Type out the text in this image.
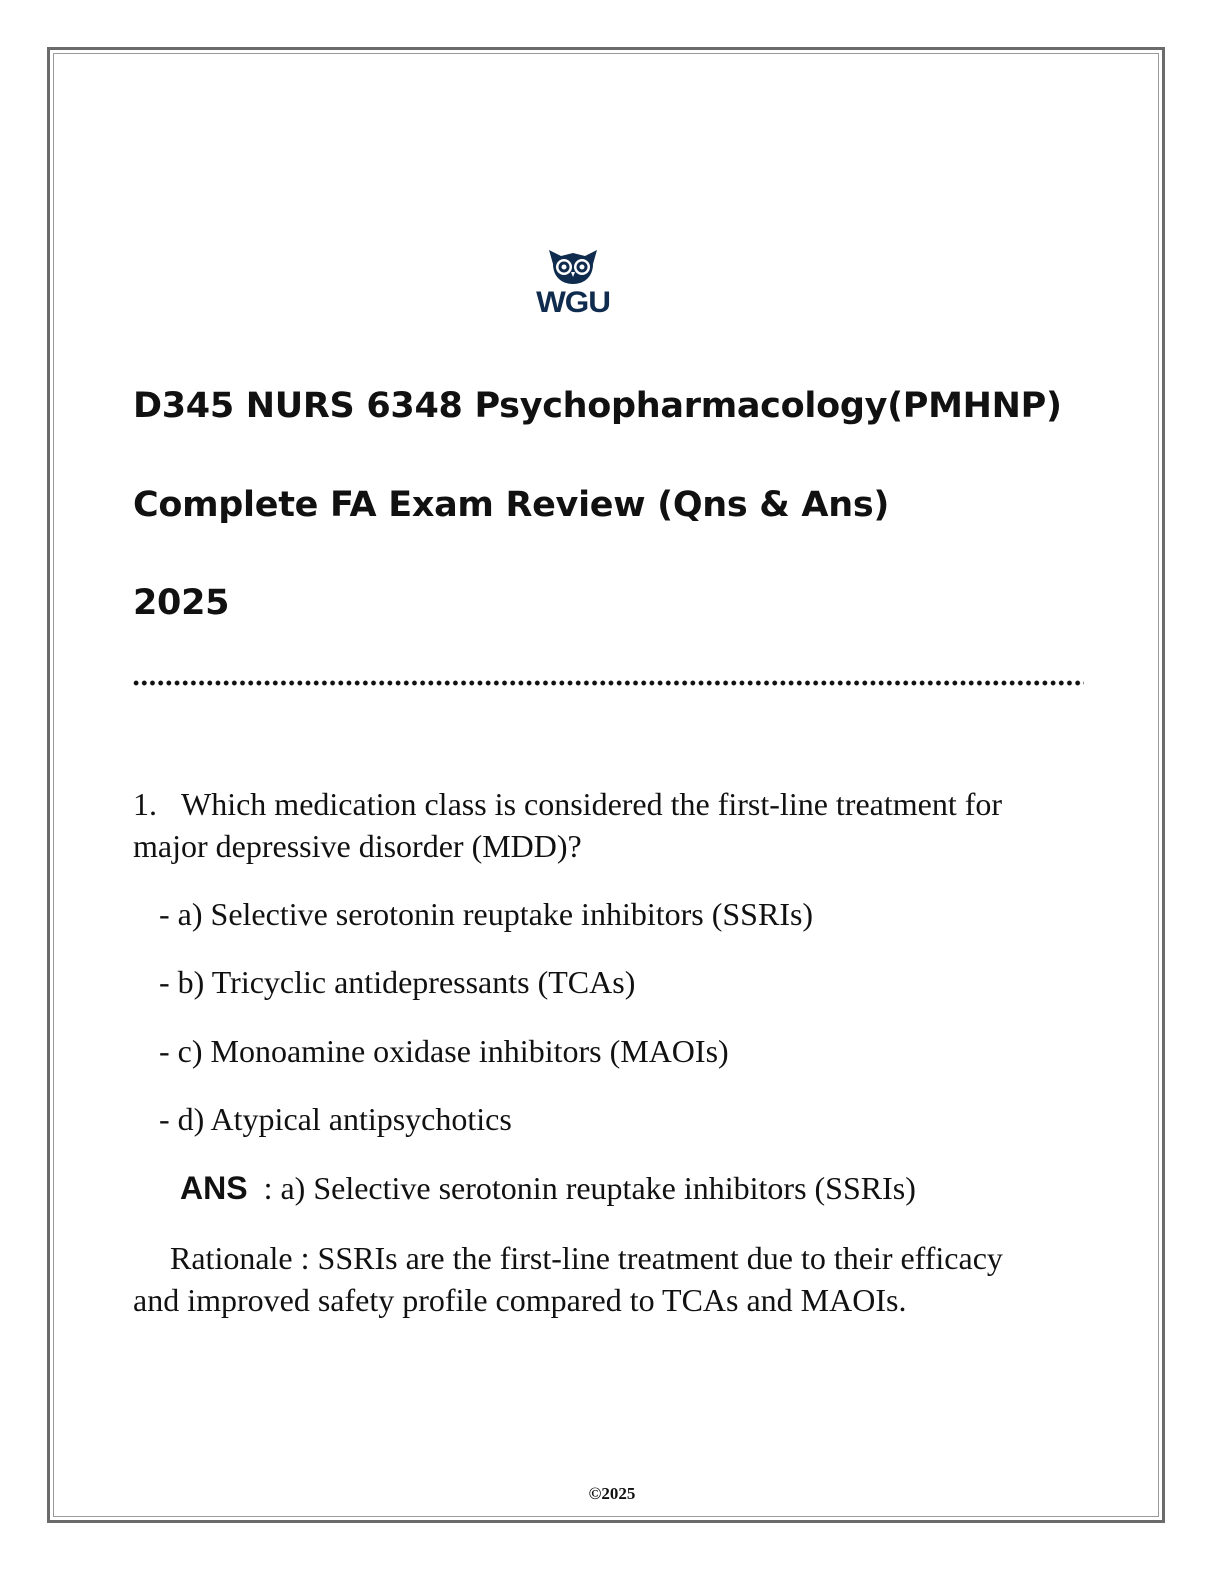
WGU
D345 NURS 6348 Psychopharmacology(PMHNP)
Complete FA Exam Review (Qns & Ans)
2025
1. Which medication class is considered the first-line treatment for major depressive disorder (MDD)?
- a) Selective serotonin reuptake inhibitors (SSRIs)
- b) Tricyclic antidepressants (TCAs)
- c) Monoamine oxidase inhibitors (MAOIs)
- d) Atypical antipsychotics
ANS : a) Selective serotonin reuptake inhibitors (SSRIs)
Rationale : SSRIs are the first-line treatment due to their efficacy and improved safety profile compared to TCAs and MAOIs.
©2025
